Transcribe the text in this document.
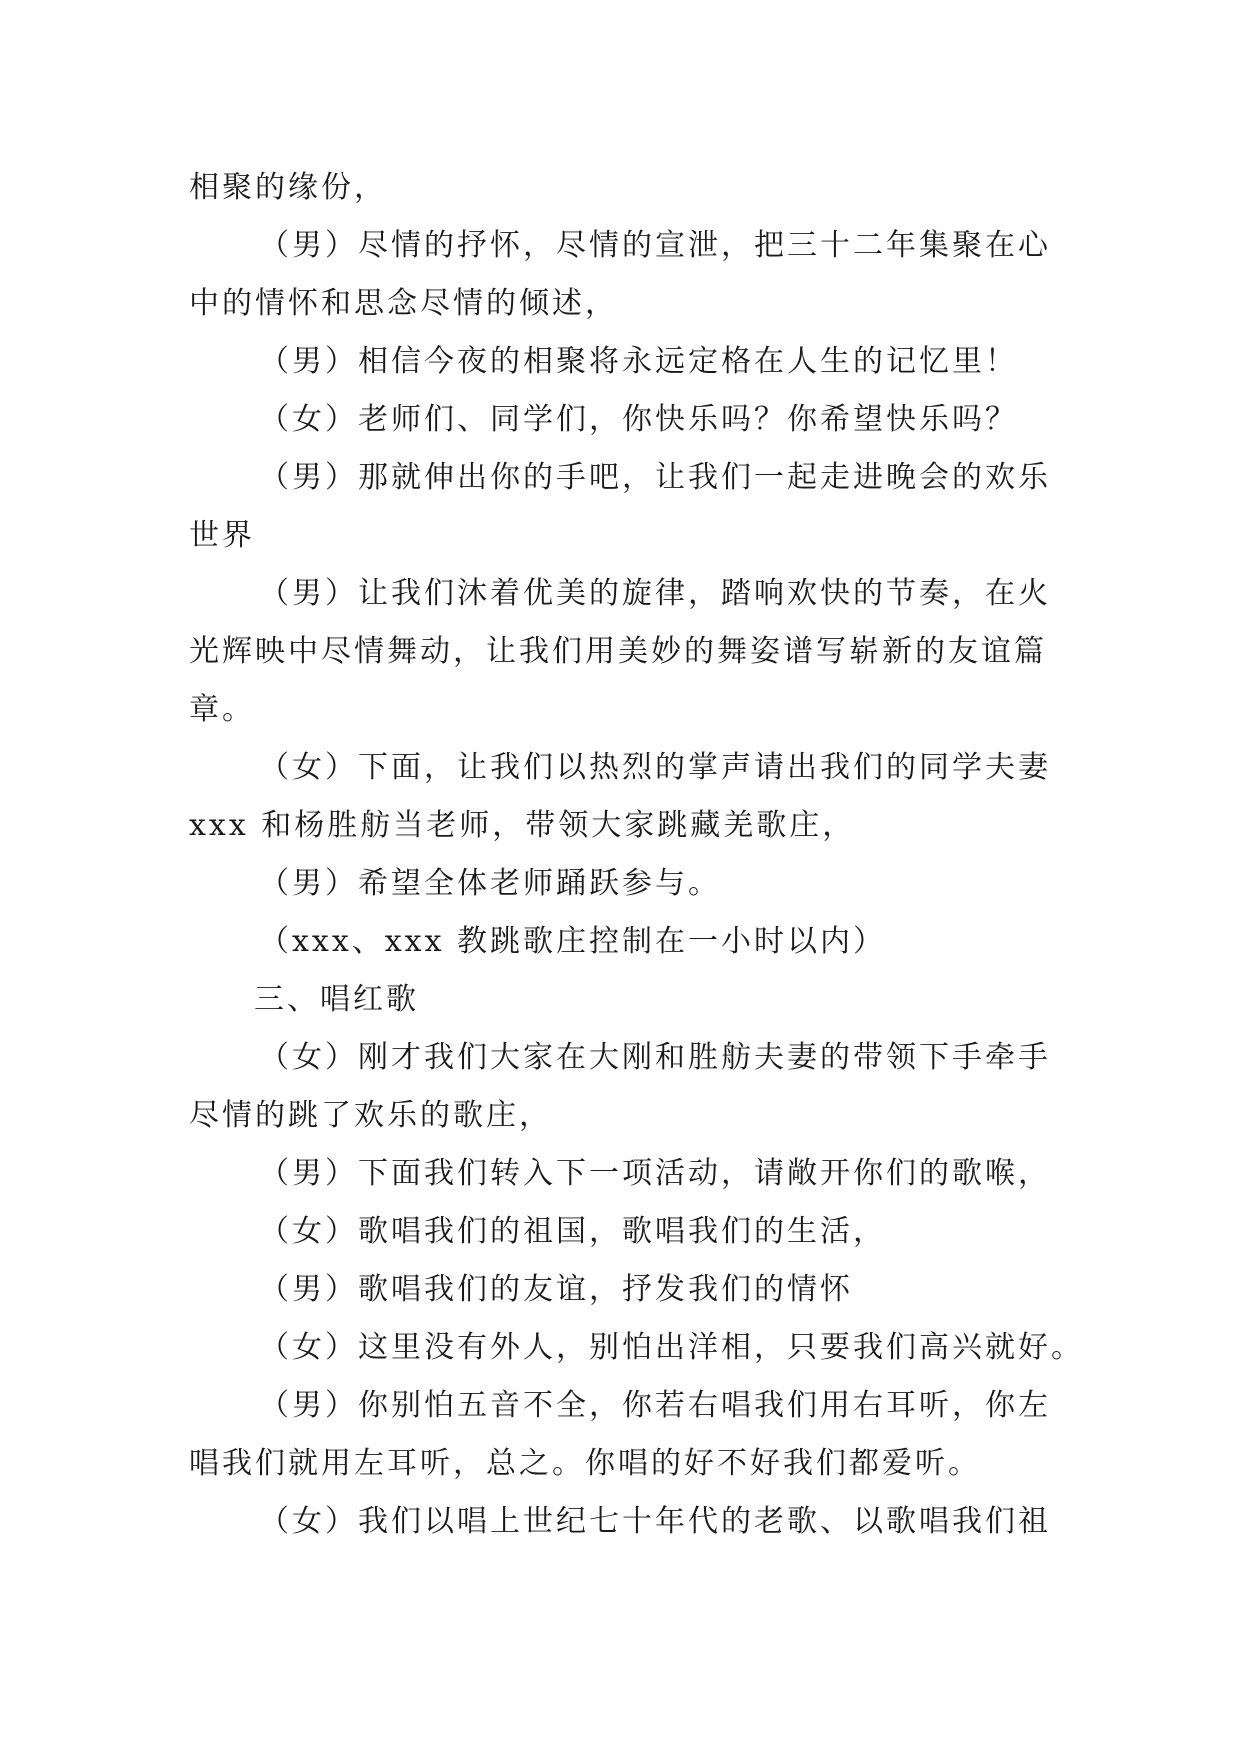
相聚的缘份，
（男）尽情的抒怀，尽情的宣泄，把三十二年集聚在心
中的情怀和思念尽情的倾述，
（男）相信今夜的相聚将永远定格在人生的记忆里！
（女）老师们、同学们，你快乐吗？你希望快乐吗？
（男）那就伸出你的手吧，让我们一起走进晚会的欢乐
世界
（男）让我们沐着优美的旋律，踏响欢快的节奏，在火
光辉映中尽情舞动，让我们用美妙的舞姿谱写崭新的友谊篇
章。
（女）下面，让我们以热烈的掌声请出我们的同学夫妻
xxx 和杨胜舫当老师，带领大家跳藏羌歌庄，
（男）希望全体老师踊跃参与。
（xxx、xxx 教跳歌庄控制在一小时以内）
三、唱红歌
（女）刚才我们大家在大刚和胜舫夫妻的带领下手牵手
尽情的跳了欢乐的歌庄，
（男）下面我们转入下一项活动，请敞开你们的歌喉，
（女）歌唱我们的祖国，歌唱我们的生活，
（男）歌唱我们的友谊，抒发我们的情怀
（女）这里没有外人，别怕出洋相，只要我们高兴就好。
（男）你别怕五音不全，你若右唱我们用右耳听，你左
唱我们就用左耳听，总之。你唱的好不好我们都爱听。
（女）我们以唱上世纪七十年代的老歌、以歌唱我们祖
